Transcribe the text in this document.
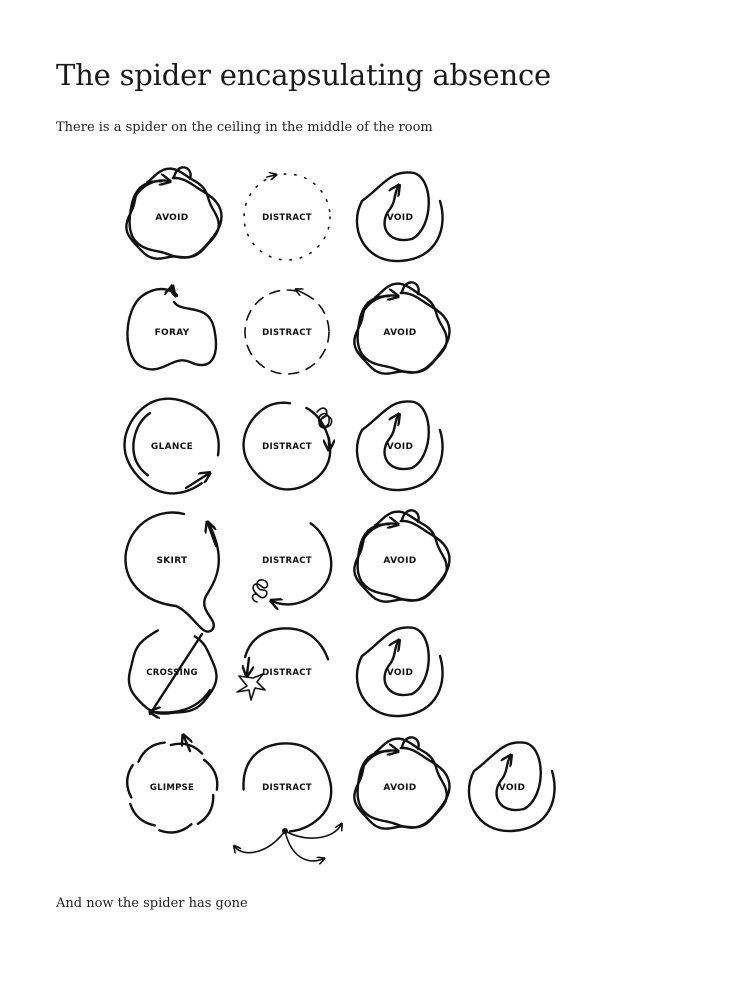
The spider encapsulating absence

There is a spider on the ceiling in the middle of the room

AVOID	DISTRACT	VOID
FORAY	DISTRACT	AVOID
GLANCE	DISTRACT	VOID
SKIRT	DISTRACT	AVOID
CROSSING	DISTRACT	VOID
GLIMPSE	DISTRACT	AVOID	VOID

And now the spider has gone
